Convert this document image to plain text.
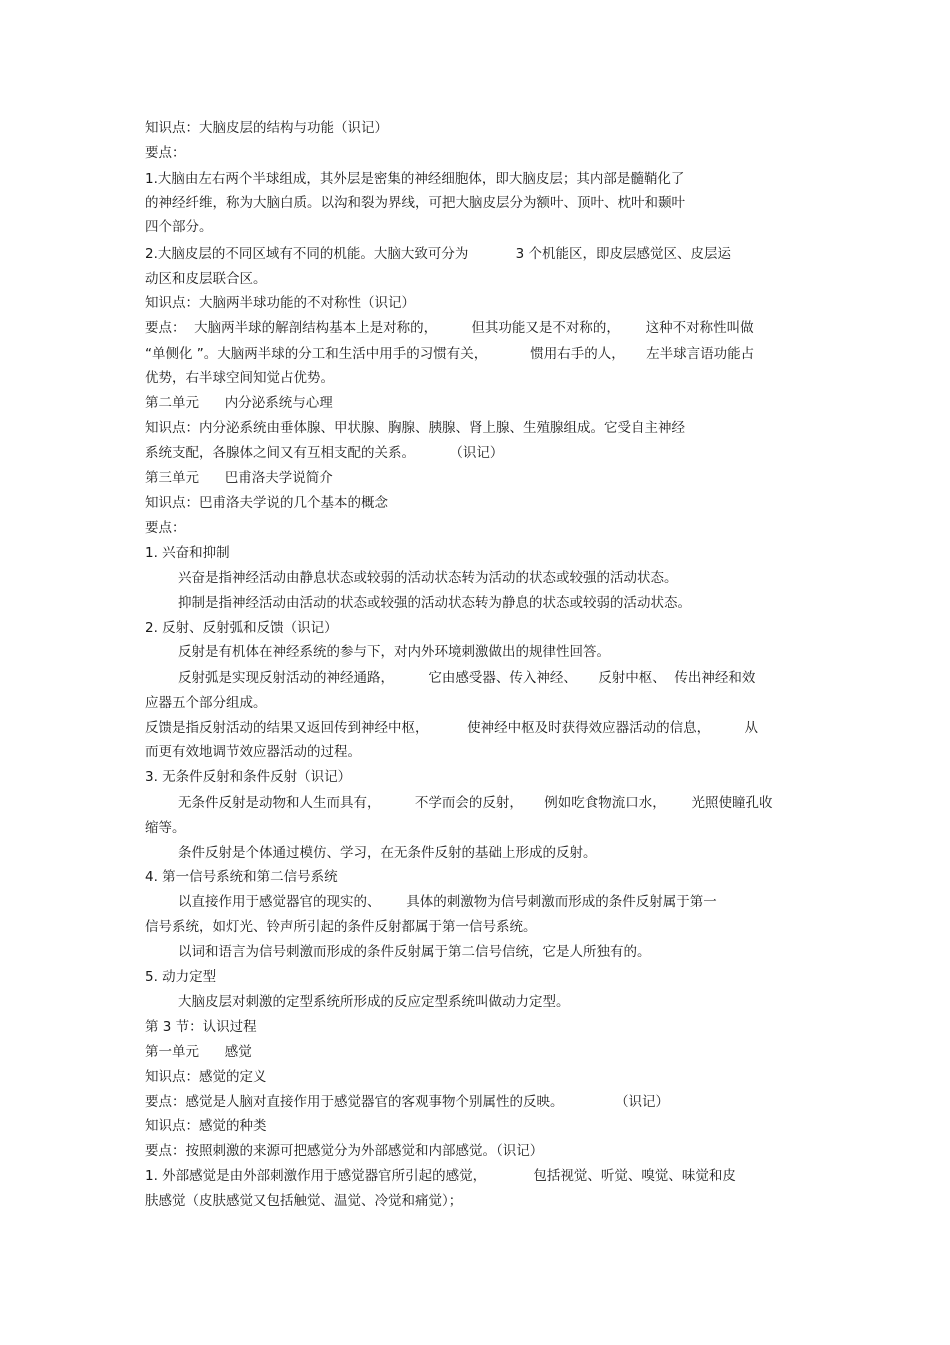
知识点：大脑皮层的结构与功能（识记）
要点：
1.大脑由左右两个半球组成，其外层是密集的神经细胞体，即大脑皮层；其内部是髓鞘化了
的神经纤维，称为大脑白质。以沟和裂为界线，可把大脑皮层分为额叶、顶叶、枕叶和颞叶
四个部分。
2.大脑皮层的不同区域有不同的机能。大脑大致可分为           3 个机能区，即皮层感觉区、皮层运
动区和皮层联合区。
知识点：大脑两半球功能的不对称性（识记）
要点：  大脑两半球的解剖结构基本上是对称的，        但其功能又是不对称的，      这种不对称性叫做
“单侧化 ”。大脑两半球的分工和生活中用手的习惯有关，          惯用右手的人，     左半球言语功能占
优势，右半球空间知觉占优势。
第二单元      内分泌系统与心理
知识点：内分泌系统由垂体腺、甲状腺、胸腺、胰腺、肾上腺、生殖腺组成。它受自主神经
系统支配，各腺体之间又有互相支配的关系。        （识记）
第三单元      巴甫洛夫学说简介
知识点：巴甫洛夫学说的几个基本的概念
要点：
1. 兴奋和抑制
兴奋是指神经活动由静息状态或较弱的活动状态转为活动的状态或较强的活动状态。
抑制是指神经活动由活动的状态或较强的活动状态转为静息的状态或较弱的活动状态。
2. 反射、反射弧和反馈（识记）
反射是有机体在神经系统的参与下，对内外环境刺激做出的规律性回答。
反射弧是实现反射活动的神经通路，        它由感受器、传入神经、     反射中枢、  传出神经和效
应器五个部分组成。
反馈是指反射活动的结果又返回传到神经中枢，         使神经中枢及时获得效应器活动的信息，        从
而更有效地调节效应器活动的过程。
3. 无条件反射和条件反射（识记）
无条件反射是动物和人生而具有，        不学而会的反射，     例如吃食物流口水，      光照使瞳孔收
缩等。
条件反射是个体通过模仿、学习，在无条件反射的基础上形成的反射。
4. 第一信号系统和第二信号系统
以直接作用于感觉器官的现实的、      具体的刺激物为信号刺激而形成的条件反射属于第一
信号系统，如灯光、铃声所引起的条件反射都属于第一信号系统。
以词和语言为信号刺激而形成的条件反射属于第二信号信统，它是人所独有的。
5. 动力定型
大脑皮层对刺激的定型系统所形成的反应定型系统叫做动力定型。
第 3 节：认识过程
第一单元      感觉
知识点：感觉的定义
要点：感觉是人脑对直接作用于感觉器官的客观事物个别属性的反映。            （识记）
知识点：感觉的种类
要点：按照刺激的来源可把感觉分为外部感觉和内部感觉。（识记）
1. 外部感觉是由外部刺激作用于感觉器官所引起的感觉，           包括视觉、听觉、嗅觉、味觉和皮
肤感觉（皮肤感觉又包括触觉、温觉、冷觉和痛觉）；
